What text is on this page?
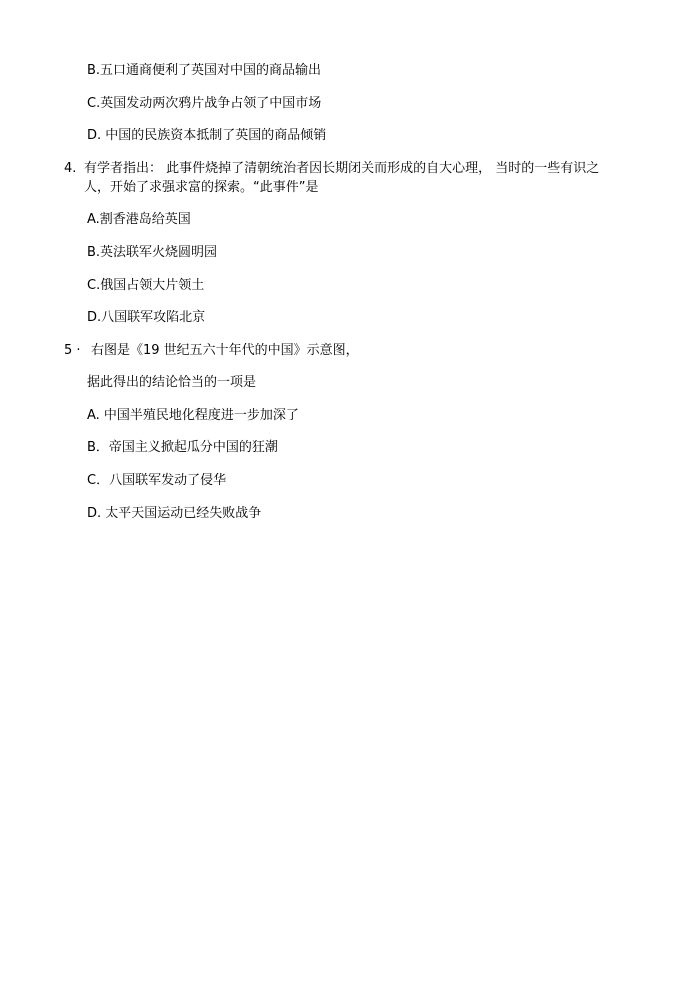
B.五口通商便利了英国对中国的商品输出
C.英国发动两次鸦片战争占领了中国市场
D. 中国的民族资本抵制了英国的商品倾销
4. 有学者指出： 此事件烧掉了清朝统治者因长期闭关而形成的自大心理， 当时的一些有识之
人，开始了求强求富的探索。“此事件”是
A.割香港岛给英国
B.英法联军火烧圆明园
C.俄国占领大片领土
D.八国联军攻陷北京
5 · 右图是《19 世纪五六十年代的中国》示意图，
据此得出的结论恰当的一项是
A. 中国半殖民地化程度进一步加深了
B．帝国主义掀起瓜分中国的狂潮
C．八国联军发动了侵华
D. 太平天国运动已经失败战争
